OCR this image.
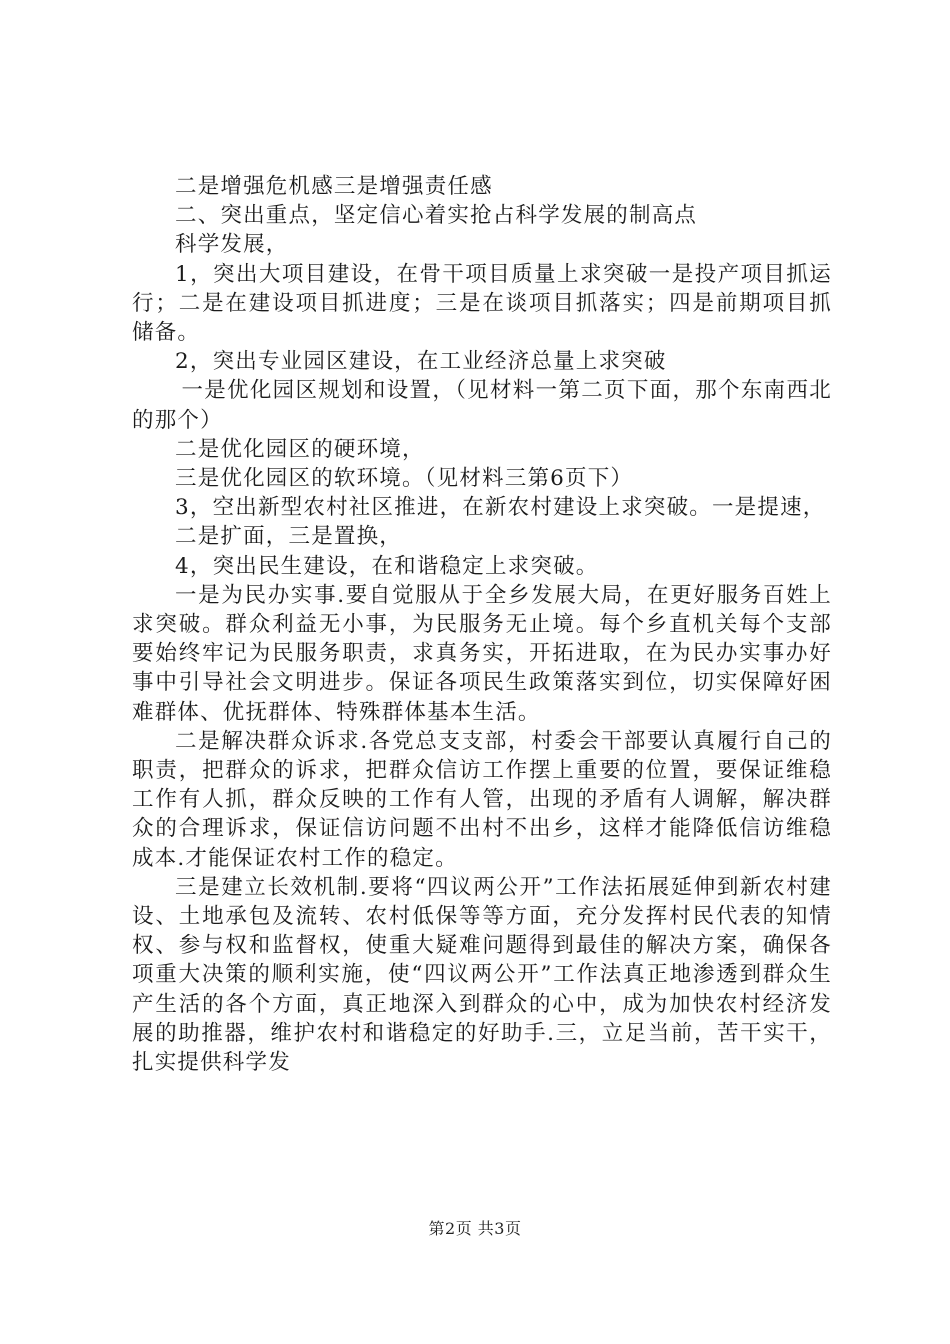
二是增强危机感三是增强责任感

二、突出重点，坚定信心着实抢占科学发展的制高点

科学发展，

1，突出大项目建设，在骨干项目质量上求突破一是投产项目抓运行；二是在建设项目抓进度；三是在谈项目抓落实；四是前期项目抓储备。

2，突出专业园区建设，在工业经济总量上求突破

一是优化园区规划和设置，（见材料一第二页下面，那个东南西北的那个）

二是优化园区的硬环境，

三是优化园区的软环境。（见材料三第6页下）

3，空出新型农村社区推进，在新农村建设上求突破。一是提速，

二是扩面，三是置换，

4，突出民生建设，在和谐稳定上求突破。

一是为民办实事.要自觉服从于全乡发展大局，在更好服务百姓上求突破。群众利益无小事，为民服务无止境。每个乡直机关每个支部要始终牢记为民服务职责，求真务实，开拓进取，在为民办实事办好事中引导社会文明进步。保证各项民生政策落实到位，切实保障好困难群体、优抚群体、特殊群体基本生活。

二是解决群众诉求.各党总支支部，村委会干部要认真履行自己的职责，把群众的诉求，把群众信访工作摆上重要的位置，要保证维稳工作有人抓，群众反映的工作有人管，出现的矛盾有人调解，解决群众的合理诉求，保证信访问题不出村不出乡，这样才能降低信访维稳成本.才能保证农村工作的稳定。

三是建立长效机制.要将“四议两公开”工作法拓展延伸到新农村建设、土地承包及流转、农村低保等等方面，充分发挥村民代表的知情权、参与权和监督权，使重大疑难问题得到最佳的解决方案，确保各项重大决策的顺利实施，使“四议两公开”工作法真正地渗透到群众生产生活的各个方面，真正地深入到群众的心中，成为加快农村经济发展的助推器，维护农村和谐稳定的好助手.三，立足当前，苦干实干，扎实提供科学发

第2页 共3页
